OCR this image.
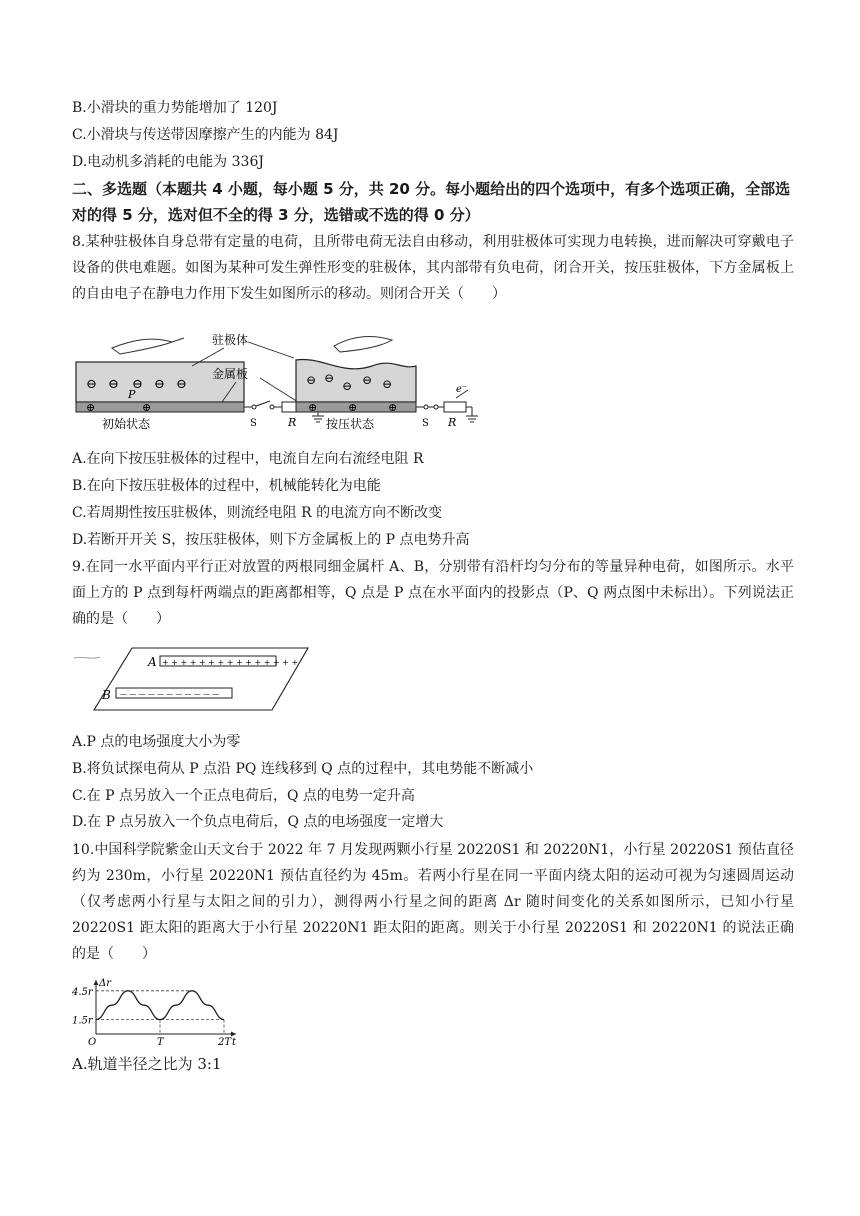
B.小滑块的重力势能增加了 120J
C.小滑块与传送带因摩擦产生的内能为 84J
D.电动机多消耗的电能为 336J
二、多选题（本题共 4 小题，每小题 5 分，共 20 分。每小题给出的四个选项中，有多个选项正确，全部选对的得 5 分，选对但不全的得 3 分，选错或不选的得 0 分）
8.某种驻极体自身总带有定量的电荷，且所带电荷无法自由移动，利用驻极体可实现力电转换，进而解决可穿戴电子设备的供电难题。如图为某种可发生弹性形变的驻极体，其内部带有负电荷，闭合开关，按压驻极体，下方金属板上的自由电子在静电力作用下发生如图所示的移动。则闭合开关（　　）
⊖ ⊖ ⊖ ⊖ ⊖
⊕	⊕
P
S	R
初始状态
驻极体
金属板	⊖ ⊖
⊖ ⊖ ⊖
⊕	⊕	⊕
e⁻
S R
按压状态
A.在向下按压驻极体的过程中，电流自左向右流经电阻 R
B.在向下按压驻极体的过程中，机械能转化为电能
C.若周期性按压驻极体，则流经电阻 R 的电流方向不断改变
D.若断开开关 S，按压驻极体，则下方金属板上的 P 点电势升高
9.在同一水平面内平行正对放置的两根同细金属杆 A、B，分别带有沿杆均匀分布的等量异种电荷，如图所示。水平面上方的 P 点到每杆两端点的距离都相等，Q 点是 P 点在水平面内的投影点（P、Q 两点图中未标出）。下列说法正确的是（　　）
+ + + + + + + + + + + + + + +
A
— — — — — — — — — — —
B
A.P 点的电场强度大小为零
B.将负试探电荷从 P 点沿 PQ 连线移到 Q 点的过程中，其电势能不断减小
C.在 P 点另放入一个正点电荷后，Q 点的电势一定升高
D.在 P 点另放入一个负点电荷后，Q 点的电场强度一定增大
10.中国科学院紫金山天文台于 2022 年 7 月发现两颗小行星 20220S1 和 20220N1，小行星 20220S1 预估直径约为 230m，小行星 20220N1 预估直径约为 45m。若两小行星在同一平面内绕太阳的运动可视为匀速圆周运动（仅考虑两小行星与太阳之间的引力），测得两小行星之间的距离 Δr 随时间变化的关系如图所示，已知小行星 20220S1 距太阳的距离大于小行星 20220N1 距太阳的距离。则关于小行星 20220S1 和 20220N1 的说法正确的是（　　）
4.5r
1.5r
O	T	2T
Δr
t
A.轨道半径之比为 3:1
